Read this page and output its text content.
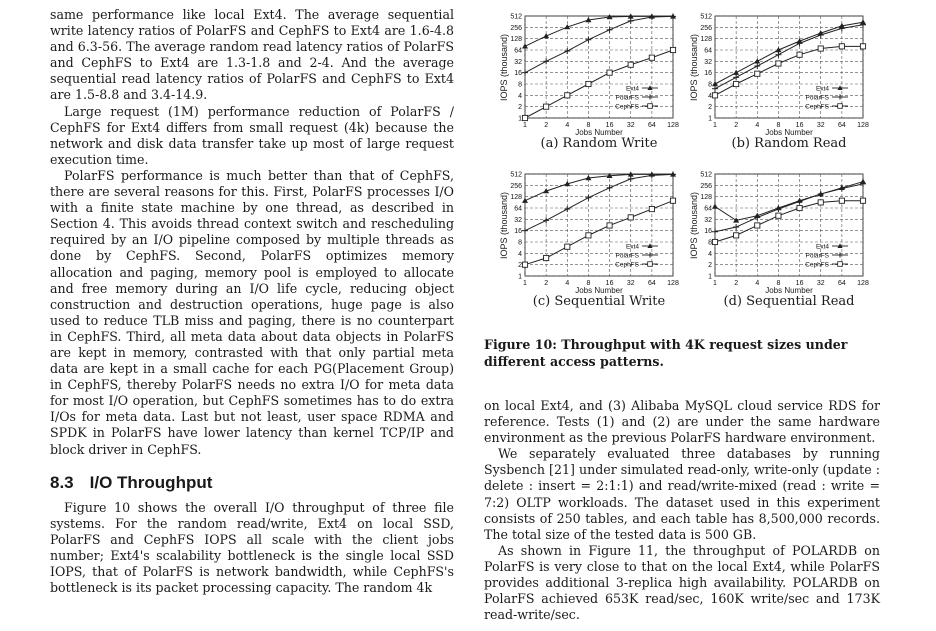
same performance like local Ext4. The average sequential write latency ratios of PolarFS and CephFS to Ext4 are 1.6-4.8 and 6.3-56. The average random read latency ratios of PolarFS and CephFS to Ext4 are 1.3-1.8 and 2-4. And the average sequential read latency ratios of PolarFS and CephFS to Ext4 are 1.5-8.8 and 3.4-14.9.

Large request (1M) performance reduction of PolarFS / CephFS for Ext4 differs from small request (4k) because the network and disk data transfer take up most of large request execution time.

PolarFS performance is much better than that of CephFS, there are several reasons for this. First, PolarFS processes I/O with a finite state machine by one thread, as described in Section 4. This avoids thread context switch and rescheduling required by an I/O pipeline composed by multiple threads as done by CephFS. Second, PolarFS optimizes memory allocation and paging, memory pool is employed to allocate and free memory during an I/O life cycle, reducing object construction and destruction operations, huge page is also used to reduce TLB miss and paging, there is no counterpart in CephFS. Third, all meta data about data objects in PolarFS are kept in memory, contrasted with that only partial meta data are kept in a small cache for each PG(Placement Group) in CephFS, thereby PolarFS needs no extra I/O for meta data for most I/O operation, but CephFS sometimes has to do extra I/Os for meta data. Last but not least, user space RDMA and SPDK in PolarFS have lower latency than kernel TCP/IP and block driver in CephFS.

8.3 I/O Throughput

Figure 10 shows the overall I/O throughput of three file systems. For the random read/write, Ext4 on local SSD, PolarFS and CephFS IOPS all scale with the client jobs number; Ext4's scalability bottleneck is the single local SSD IOPS, that of PolarFS is network bandwidth, while CephFS's bottleneck is its packet processing capacity. The random 4k

1
2
4
8
16
32
64
128
256
512
1 2 4 8 16 32 64 128
Ext4
PolarFS
CephFS
IOPS (thousand)
Jobs Number
(a) Random Write
1
2
4
8
16
32
64
128
256
512
1 2 4 8 16 32 64 128
Ext4
PolarFS
CephFS
IOPS (thousand)
Jobs Number
(b) Random Read
1
2
4
8
16
32
64
128
256
512
1 2 4 8 16 32 64 128
Ext4
PolarFS
CephFS
IOPS (thousand)
Jobs Number
(c) Sequential Write
1
2
4
8
16
32
64
128
256
512
1 2 4 8 16 32 64 128
Ext4
PolarFS
CephFS
IOPS (thousand)
Jobs Number
(d) Sequential Read
Figure 10: Throughput with 4K request sizes under different access patterns.

on local Ext4, and (3) Alibaba MySQL cloud service RDS for reference. Tests (1) and (2) are under the same hardware environment as the previous PolarFS hardware environment.

We separately evaluated three databases by running Sysbench [21] under simulated read-only, write-only (update : delete : insert = 2:1:1) and read/write-mixed (read : write = 7:2) OLTP workloads. The dataset used in this experiment consists of 250 tables, and each table has 8,500,000 records. The total size of the tested data is 500 GB.

As shown in Figure 11, the throughput of POLARDB on PolarFS is very close to that on the local Ext4, while PolarFS provides additional 3-replica high availability. POLARDB on PolarFS achieved 653K read/sec, 160K write/sec and 173K read-write/sec.
